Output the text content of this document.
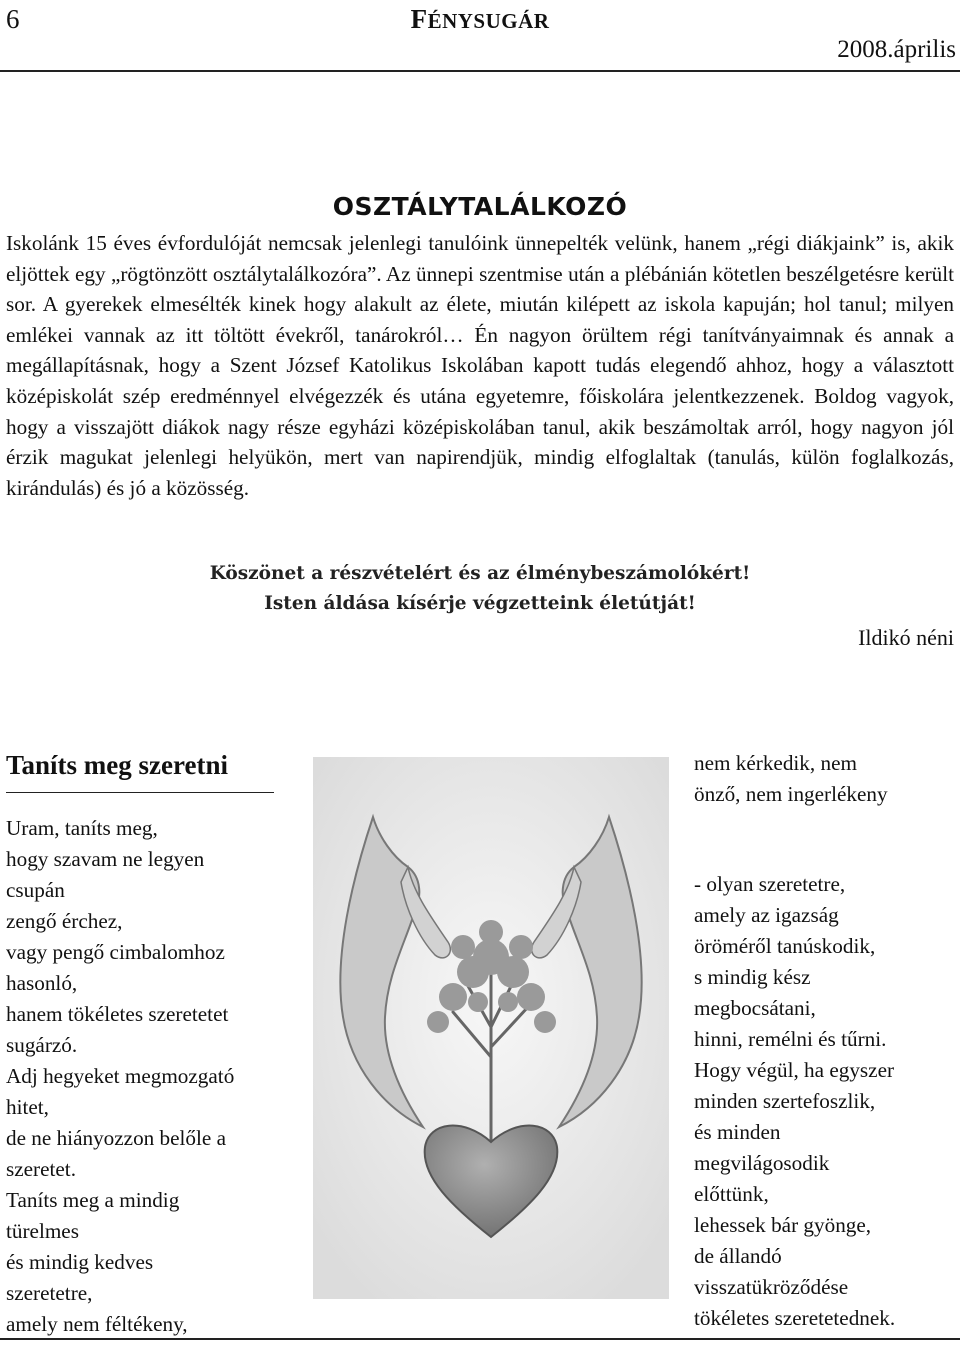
6	FÉNYSUGÁR
2008.április
OSZTÁLYTALÁLKOZÓ

Iskolánk 15 éves évfordulóját nemcsak jelenlegi tanulóink ünnepelték velünk, hanem „régi diákjaink” is, akik eljöttek egy „rögtönzött osztálytalálkozóra”. Az ünnepi szentmise után a plébánián kötetlen beszélgetésre került sor. A gyerekek elmesélték kinek hogy alakult az élete, miután kilépett az iskola kapuján; hol tanul; milyen emlékei vannak az itt töltött évekről, tanárokról… Én nagyon örültem régi tanítványaimnak és annak a megállapításnak, hogy a Szent József Katolikus Iskolában kapott tudás elegendő ahhoz, hogy a választott középiskolát szép eredménnyel elvégezzék és utána egyetemre, főiskolára jelentkezzenek. Boldog vagyok, hogy a visszajött diákok nagy része egyházi középiskolában tanul, akik beszámoltak arról, hogy nagyon jól érzik magukat jelenlegi helyükön, mert van napirendjük, mindig elfoglaltak (tanulás, külön foglalkozás, kirándulás) és jó a közösség.

Köszönet a részvételért és az élménybeszámolókért!
Isten áldása kísérje végzetteink életútját!
Ildikó néni
Taníts meg szeretni
Uram, taníts meg,
hogy szavam ne legyen
csupán
zengő érchez,
vagy pengő cimbalomhoz
hasonló,
hanem tökéletes szeretetet
sugárzó.
Adj hegyeket megmozgató
hitet,
de ne hiányozzon belőle a
szeretet.
Taníts meg a mindig
türelmes
és mindig kedves
szeretetre,
amely nem féltékeny,
nem kérkedik, nem
önző, nem ingerlékeny
- olyan szeretetre,
amely az igazság
öröméről tanúskodik,
s mindig kész
megbocsátani,
hinni, remélni és tűrni.
Hogy végül, ha egyszer
minden szertefoszlik,
és minden
megvilágosodik
előttünk,
lehessek bár gyönge,
de állandó
visszatükröződése
tökéletes szeretetednek.
